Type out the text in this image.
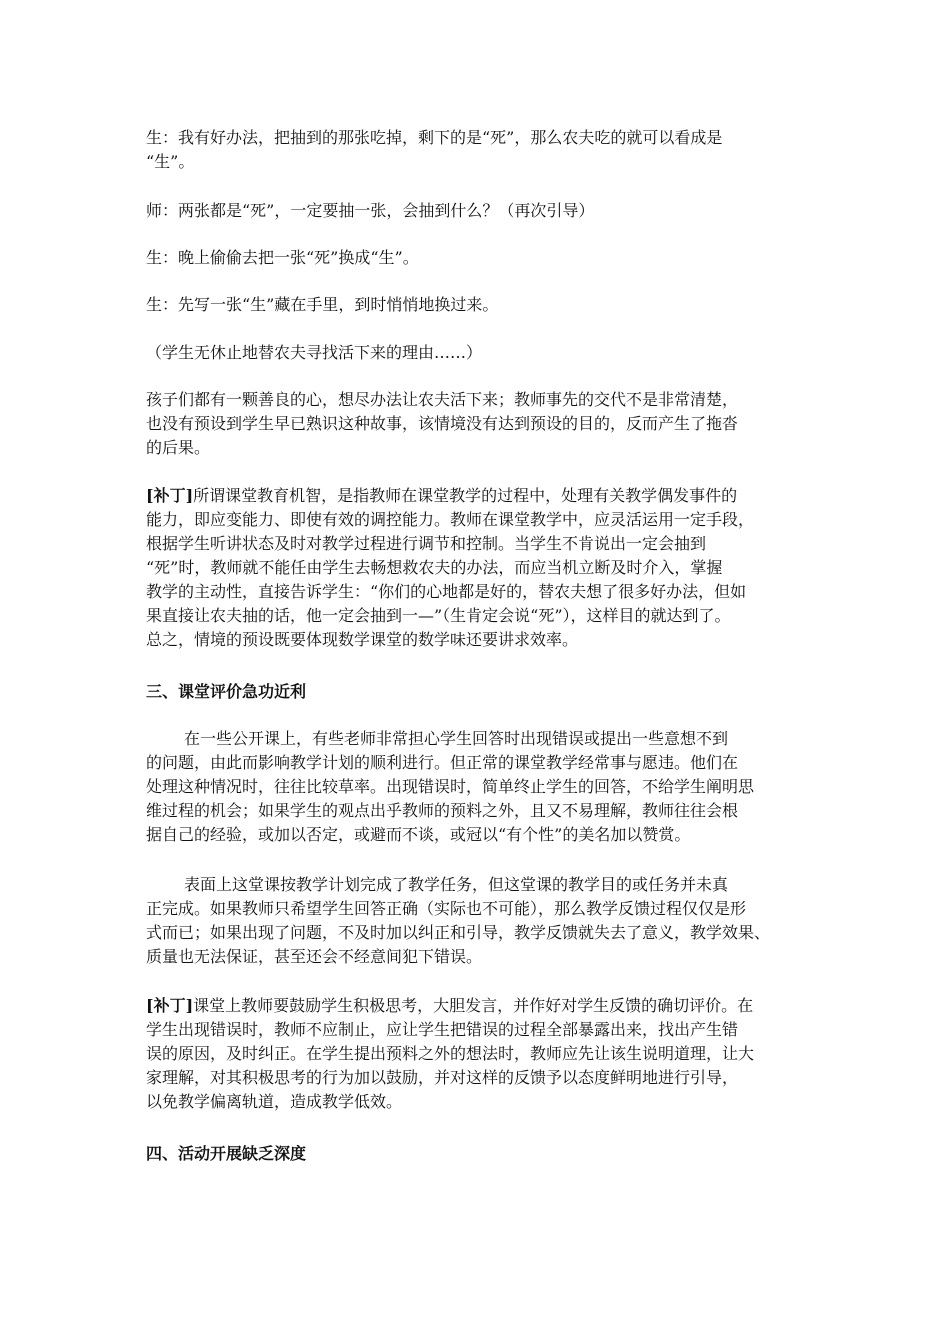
生：我有好办法，把抽到的那张吃掉，剩下的是“死”，那么农夫吃的就可以看成是
“生”。
师：两张都是“死”，一定要抽一张，会抽到什么？（再次引导）
生：晚上偷偷去把一张“死”换成“生”。
生：先写一张“生”藏在手里，到时悄悄地换过来。
（学生无休止地替农夫寻找活下来的理由……）
孩子们都有一颗善良的心，想尽办法让农夫活下来；教师事先的交代不是非常清楚，
也没有预设到学生早已熟识这种故事，该情境没有达到预设的目的，反而产生了拖沓
的后果。
[补丁]所谓课堂教育机智，是指教师在课堂教学的过程中，处理有关教学偶发事件的
能力，即应变能力、即使有效的调控能力。教师在课堂教学中，应灵活运用一定手段，
根据学生听讲状态及时对教学过程进行调节和控制。当学生不肯说出一定会抽到
“死”时，教师就不能任由学生去畅想救农夫的办法，而应当机立断及时介入，掌握
教学的主动性，直接告诉学生：“你们的心地都是好的，替农夫想了很多好办法，但如
果直接让农夫抽的话，他一定会抽到一—”（生肯定会说“死”），这样目的就达到了。
总之，情境的预设既要体现数学课堂的数学味还要讲求效率。
三、课堂评价急功近利
在一些公开课上，有些老师非常担心学生回答时出现错误或提出一些意想不到
的问题，由此而影响教学计划的顺利进行。但正常的课堂教学经常事与愿违。他们在
处理这种情况时，往往比较草率。出现错误时，简单终止学生的回答，不给学生阐明思
维过程的机会；如果学生的观点出乎教师的预料之外，且又不易理解，教师往往会根
据自己的经验，或加以否定，或避而不谈，或冠以“有个性”的美名加以赞赏。
表面上这堂课按教学计划完成了教学任务，但这堂课的教学目的或任务并未真
正完成。如果教师只希望学生回答正确（实际也不可能），那么教学反馈过程仅仅是形
式而已；如果出现了问题，不及时加以纠正和引导，教学反馈就失去了意义，教学效果、
质量也无法保证，甚至还会不经意间犯下错误。
[补丁]课堂上教师要鼓励学生积极思考，大胆发言，并作好对学生反馈的确切评价。在
学生出现错误时，教师不应制止，应让学生把错误的过程全部暴露出来，找出产生错
误的原因，及时纠正。在学生提出预料之外的想法时，教师应先让该生说明道理，让大
家理解，对其积极思考的行为加以鼓励，并对这样的反馈予以态度鲜明地进行引导，
以免教学偏离轨道，造成教学低效。
四、活动开展缺乏深度
